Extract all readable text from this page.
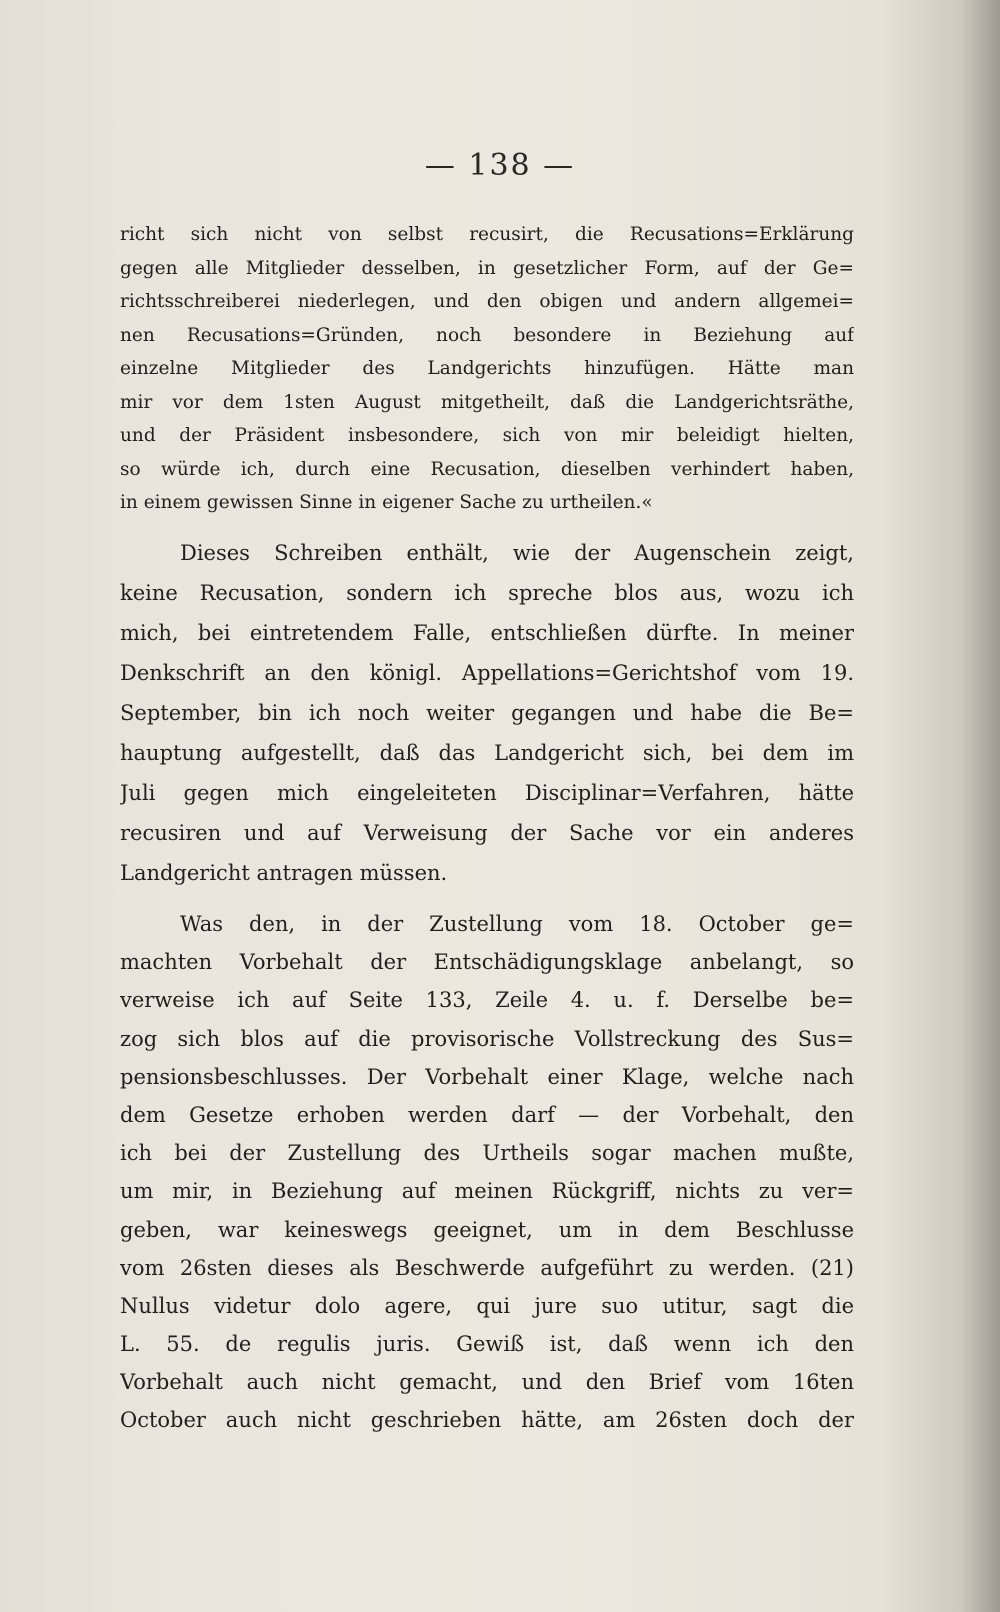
— 138 —
richt sich nicht von selbst recusirt, die Recusations=Erklärung
gegen alle Mitglieder desselben, in gesetzlicher Form, auf der Ge=
richtsschreiberei niederlegen, und den obigen und andern allgemei=
nen Recusations=Gründen, noch besondere in Beziehung auf
einzelne Mitglieder des Landgerichts hinzufügen. Hätte man
mir vor dem 1sten August mitgetheilt, daß die Landgerichtsräthe,
und der Präsident insbesondere, sich von mir beleidigt hielten,
so würde ich, durch eine Recusation, dieselben verhindert haben,
in einem gewissen Sinne in eigener Sache zu urtheilen.«
Dieses Schreiben enthält, wie der Augenschein zeigt,
keine Recusation, sondern ich spreche blos aus, wozu ich
mich, bei eintretendem Falle, entschließen dürfte. In meiner
Denkschrift an den königl. Appellations=Gerichtshof vom 19.
September, bin ich noch weiter gegangen und habe die Be=
hauptung aufgestellt, daß das Landgericht sich, bei dem im
Juli gegen mich eingeleiteten Disciplinar=Verfahren, hätte
recusiren und auf Verweisung der Sache vor ein anderes
Landgericht antragen müssen.
Was den, in der Zustellung vom 18. October ge=
machten Vorbehalt der Entschädigungsklage anbelangt, so
verweise ich auf Seite 133, Zeile 4. u. f. Derselbe be=
zog sich blos auf die provisorische Vollstreckung des Sus=
pensionsbeschlusses. Der Vorbehalt einer Klage, welche nach
dem Gesetze erhoben werden darf — der Vorbehalt, den
ich bei der Zustellung des Urtheils sogar machen mußte,
um mir, in Beziehung auf meinen Rückgriff, nichts zu ver=
geben, war keineswegs geeignet, um in dem Beschlusse
vom 26sten dieses als Beschwerde aufgeführt zu werden. (21)
Nullus videtur dolo agere, qui jure suo utitur, sagt die
L. 55. de regulis juris. Gewiß ist, daß wenn ich den
Vorbehalt auch nicht gemacht, und den Brief vom 16ten
October auch nicht geschrieben hätte, am 26sten doch der
